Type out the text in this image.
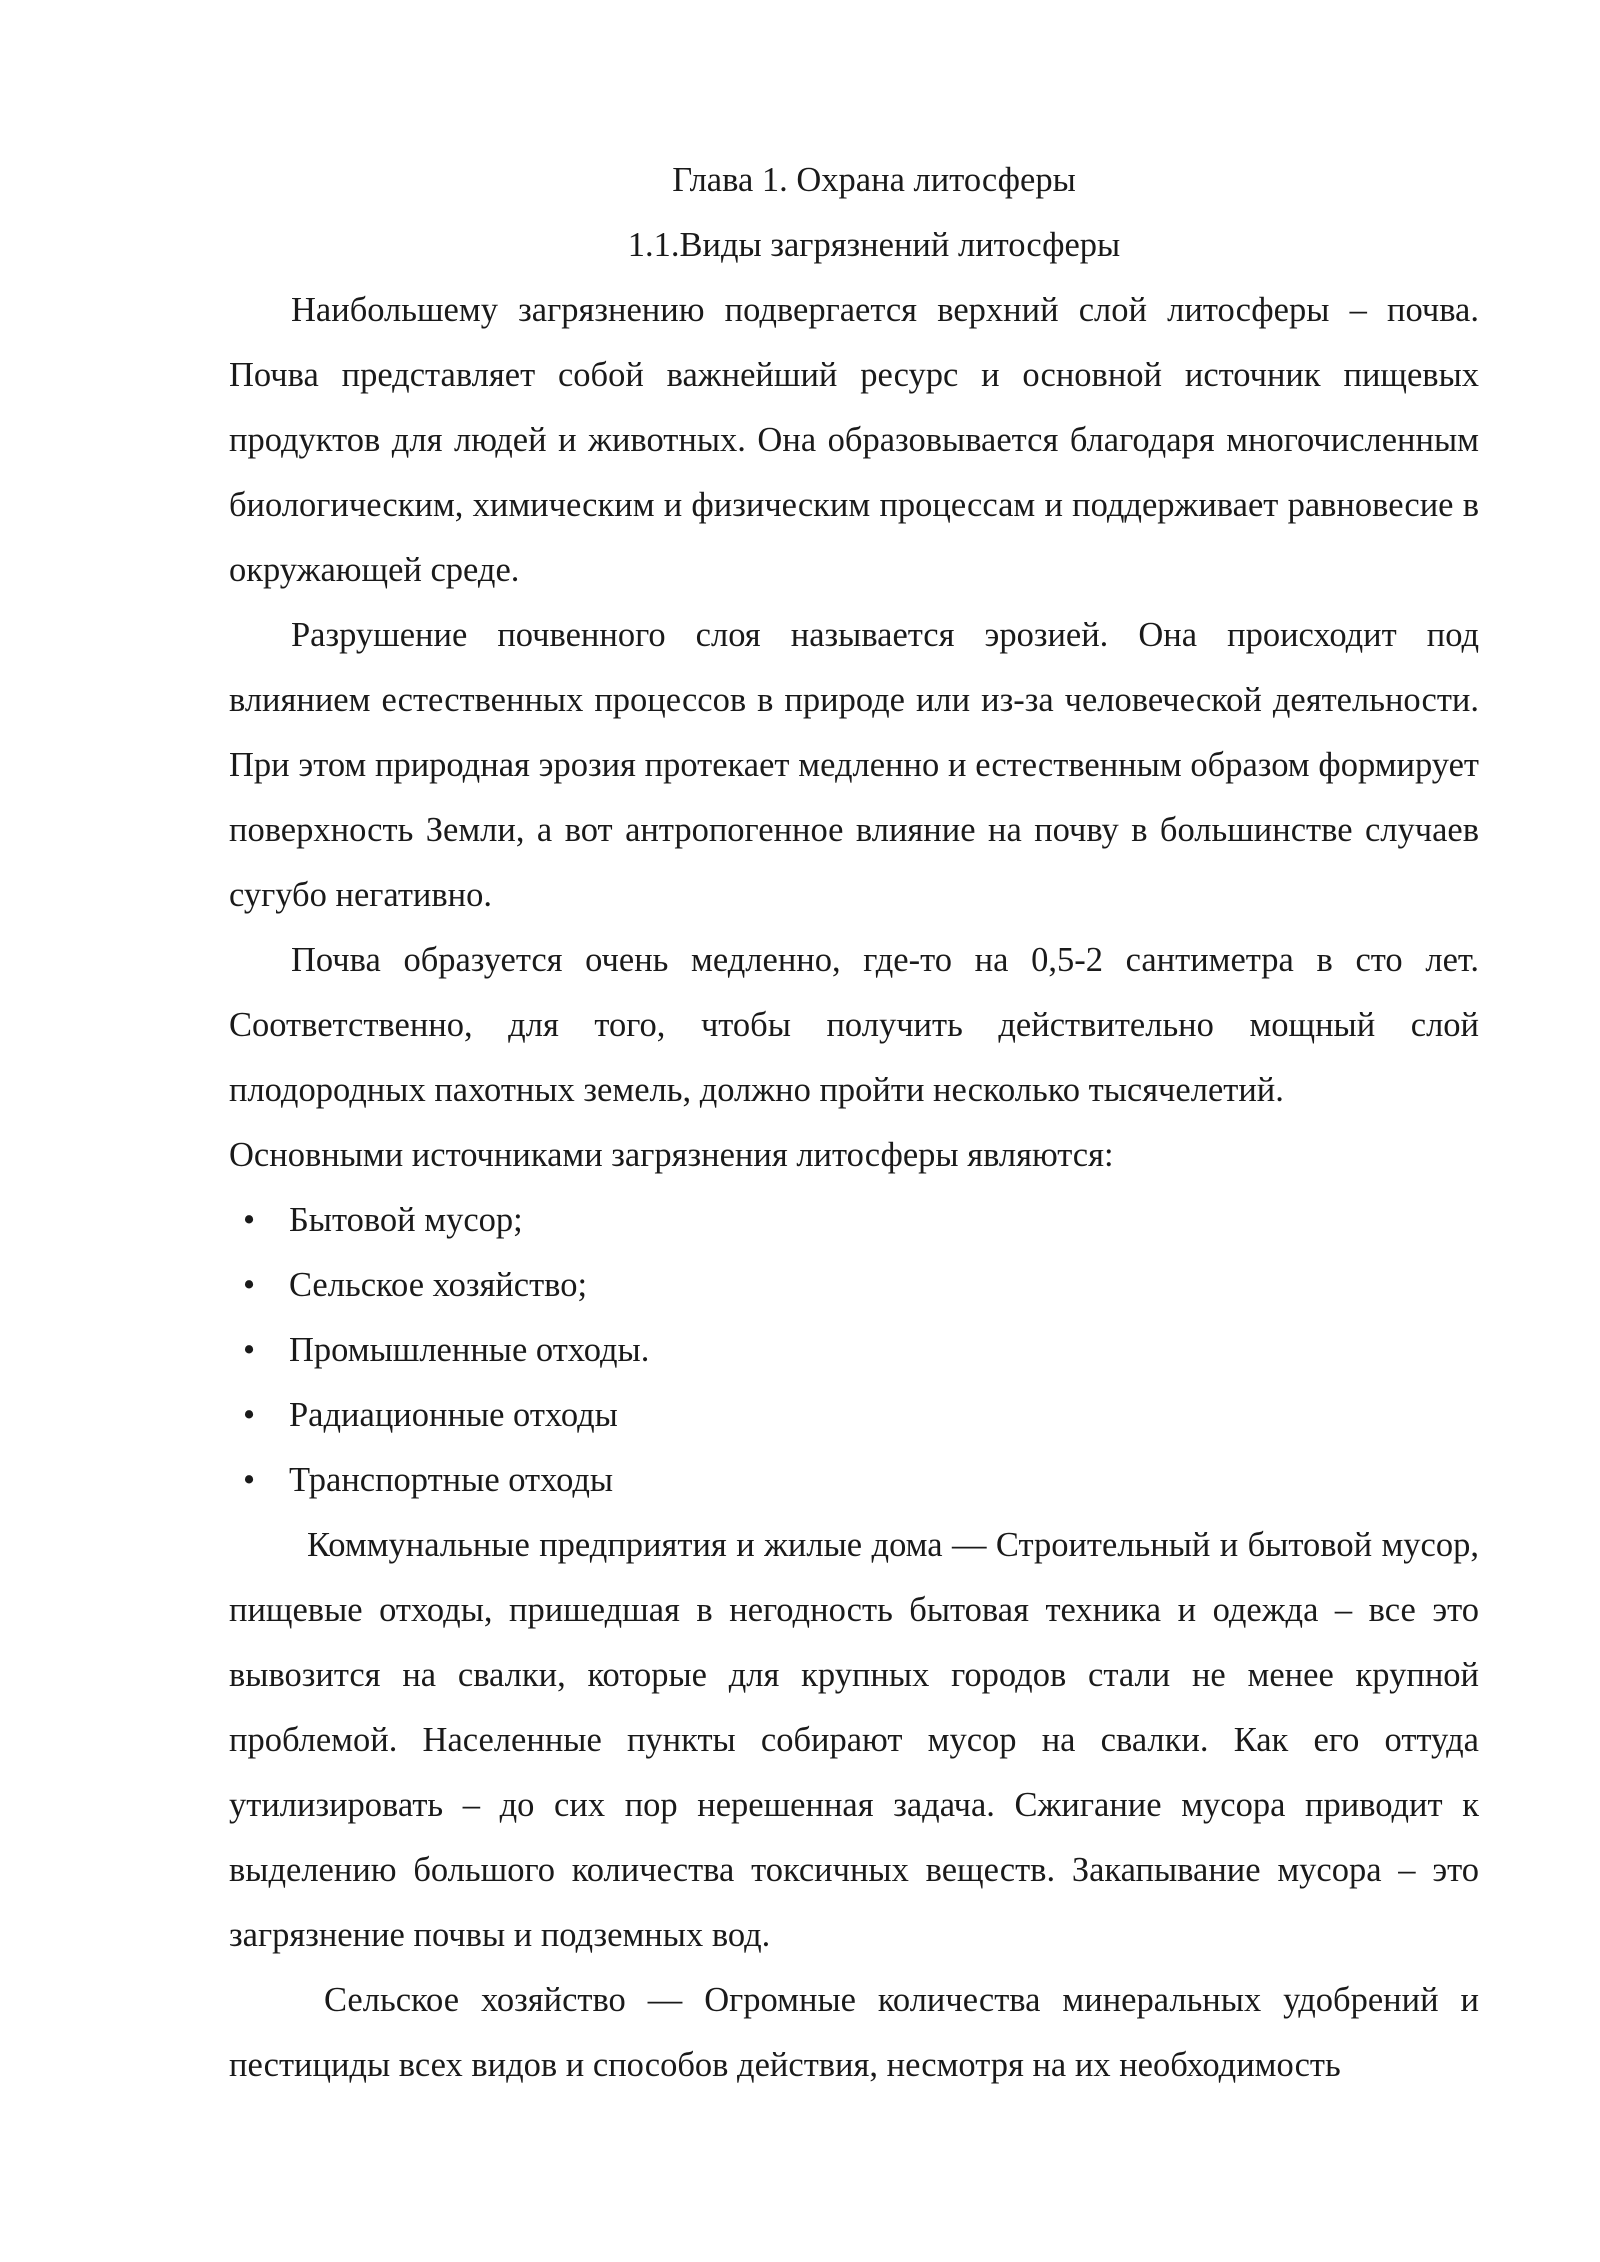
Глава 1. Охрана литосферы

1.1.Виды загрязнений литосферы

Наибольшему загрязнению подвергается верхний слой литосферы – почва. Почва представляет собой важнейший ресурс и основной источник пищевых продуктов для людей и животных. Она образовывается благодаря многочисленным биологическим, химическим и физическим процессам и поддерживает равновесие в окружающей среде.

Разрушение почвенного слоя называется эрозией. Она происходит под влиянием естественных процессов в природе или из-за человеческой деятельности. При этом природная эрозия протекает медленно и естественным образом формирует поверхность Земли, а вот антропогенное влияние на почву в большинстве случаев сугубо негативно.

Почва образуется очень медленно, где-то на 0,5-2 сантиметра в сто лет. Соответственно, для того, чтобы получить действительно мощный слой плодородных пахотных земель, должно пройти несколько тысячелетий.

Основными источниками загрязнения литосферы являются:

• Бытовой мусор;
• Сельское хозяйство;
• Промышленные отходы.
• Радиационные отходы
• Транспортные отходы

Коммунальные предприятия и жилые дома — Строительный и бытовой мусор, пищевые отходы, пришедшая в негодность бытовая техника и одежда – все это вывозится на свалки, которые для крупных городов стали не менее крупной проблемой. Населенные пункты собирают мусор на свалки. Как его оттуда утилизировать – до сих пор нерешенная задача. Сжигание мусора приводит к выделению большого количества токсичных веществ. Закапывание мусора – это загрязнение почвы и подземных вод.

Сельское хозяйство — Огромные количества минеральных удобрений и пестициды всех видов и способов действия, несмотря на их необходимость
